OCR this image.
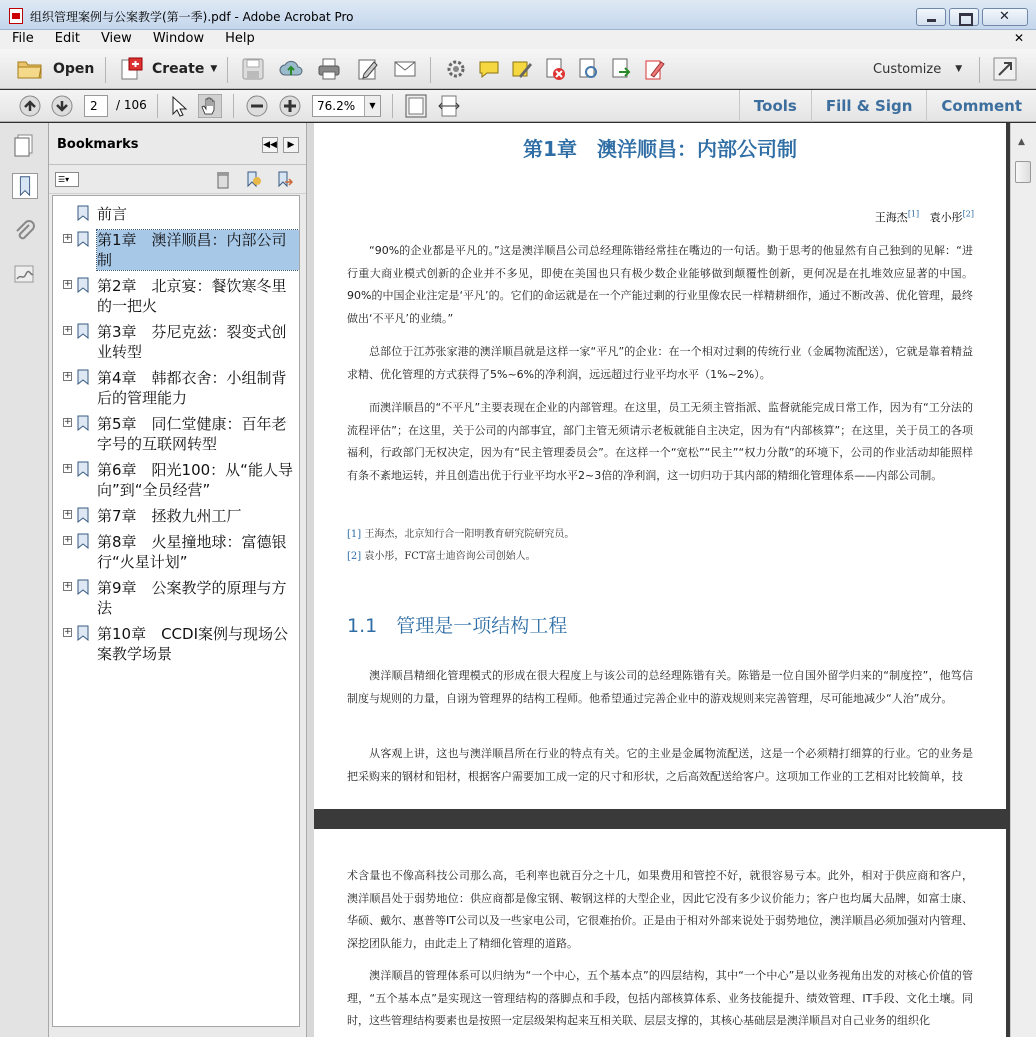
组织管理案例与公案教学(第一季).pdf - Adobe Acrobat Pro
✕
File	Edit	View	Window	Help	✕
Open	Create ▼	Customize ▼
2	/ 106	76.2%	▼	Tools	Fill & Sign	Comment
Bookmarks	◀◀	▶
☰▾
前言
+ 第1章　澳洋顺昌：内部公司制
+ 第2章　北京宴：餐饮寒冬里的一把火
+ 第3章　芬尼克兹：裂变式创业转型
+ 第4章　韩都衣舍：小组制背后的管理能力
+ 第5章　同仁堂健康：百年老字号的互联网转型
+ 第6章　阳光100：从“能人导向”到“全员经营”
+ 第7章　拯救九州工厂
+ 第8章　火星撞地球：富德银行“火星计划”
+ 第9章　公案教学的原理与方法
+ 第10章　CCDI案例与现场公案教学场景
第1章　澳洋顺昌：内部公司制
王海杰[1] 袁小彤[2]
“90%的企业都是平凡的。”这是澳洋顺昌公司总经理陈锴经常挂在嘴边的一句话。勤于思考的他显然有自己独到的见解：“进行重大商业模式创新的企业并不多见，即使在美国也只有极少数企业能够做到颠覆性创新，更何况是在扎堆效应显著的中国。90%的中国企业注定是‘平凡’的。它们的命运就是在一个产能过剩的行业里像农民一样精耕细作，通过不断改善、优化管理，最终做出‘不平凡’的业绩。”
总部位于江苏张家港的澳洋顺昌就是这样一家“平凡”的企业：在一个相对过剩的传统行业（金属物流配送），它就是靠着精益求精、优化管理的方式获得了5%~6%的净利润，远远超过行业平均水平（1%~2%）。
而澳洋顺昌的“不平凡”主要表现在企业的内部管理。在这里，员工无须主管指派、监督就能完成日常工作，因为有“工分法的流程评估”；在这里，关于公司的内部事宜，部门主管无须请示老板就能自主决定，因为有“内部核算”；在这里，关于员工的各项福利，行政部门无权决定，因为有“民主管理委员会”。在这样一个“宽松”“民主”“权力分散”的环境下，公司的作业活动却能照样有条不紊地运转，并且创造出优于行业平均水平2~3倍的净利润，这一切归功于其内部的精细化管理体系——内部公司制。
[1] 王海杰，北京知行合一阳明教育研究院研究员。
[2] 袁小彤，FCT富士迪咨询公司创始人。
1.1　管理是一项结构工程
澳洋顺昌精细化管理模式的形成在很大程度上与该公司的总经理陈锴有关。陈锴是一位自国外留学归来的“制度控”，他笃信制度与规则的力量，自诩为管理界的结构工程师。他希望通过完善企业中的游戏规则来完善管理，尽可能地减少“人治”成分。
从客观上讲，这也与澳洋顺昌所在行业的特点有关。它的主业是金属物流配送，这是一个必须精打细算的行业。它的业务是把采购来的钢材和铝材，根据客户需要加工成一定的尺寸和形状，之后高效配送给客户。这项加工作业的工艺相对比较简单，技
术含量也不像高科技公司那么高，毛利率也就百分之十几，如果费用和管控不好，就很容易亏本。此外，相对于供应商和客户，澳洋顺昌处于弱势地位：供应商都是像宝钢、鞍钢这样的大型企业，因此它没有多少议价能力；客户也均属大品牌，如富士康、华硕、戴尔、惠普等IT公司以及一些家电公司，它很难抬价。正是由于相对外部来说处于弱势地位，澳洋顺昌必须加强对内管理、深挖团队能力，由此走上了精细化管理的道路。
澳洋顺昌的管理体系可以归纳为“一个中心，五个基本点”的四层结构，其中“一个中心”是以业务视角出发的对核心价值的管理，“五个基本点”是实现这一管理结构的落脚点和手段，包括内部核算体系、业务技能提升、绩效管理、IT手段、文化土壤。同时，这些管理结构要素也是按照一定层级架构起来互相关联、层层支撑的，其核心基础层是澳洋顺昌对自己业务的组织化
▲
